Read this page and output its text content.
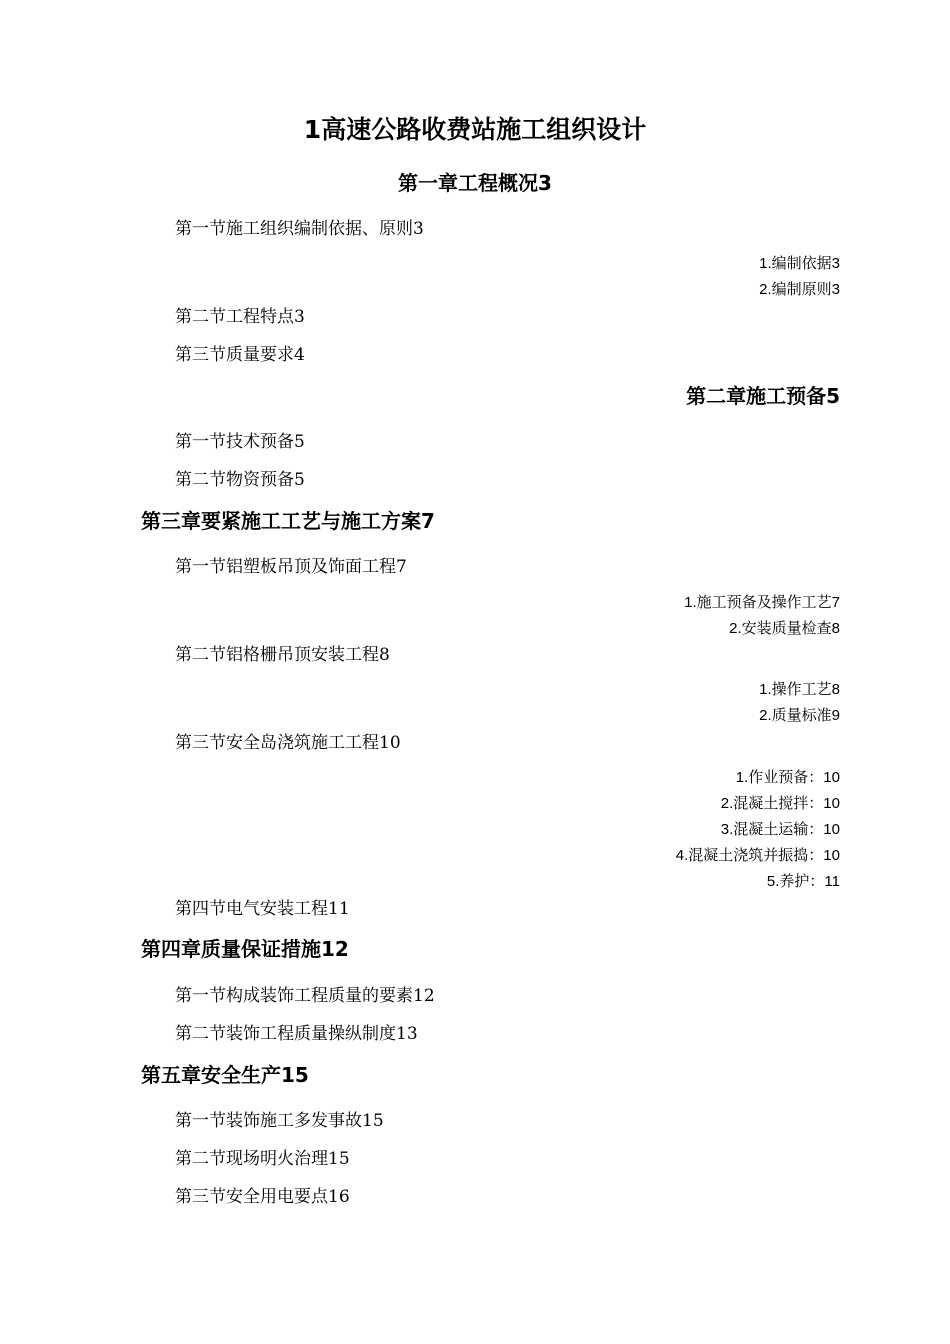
1高速公路收费站施工组织设计
第一章工程概况3
第一节施工组织编制依据、原则3
1.编制依据3
2.编制原则3
第二节工程特点3
第三节质量要求4
第二章施工预备5
第一节技术预备5
第二节物资预备5
第三章要紧施工工艺与施工方案7
第一节铝塑板吊顶及饰面工程7
1.施工预备及操作工艺7
2.安装质量检查8
第二节铝格栅吊顶安装工程8
1.操作工艺8
2.质量标准9
第三节安全岛浇筑施工工程10
1.作业预备：10
2.混凝土搅拌：10
3.混凝土运输：10
4.混凝土浇筑并振捣：10
5.养护：11
第四节电气安装工程11
第四章质量保证措施12
第一节构成装饰工程质量的要素12
第二节装饰工程质量操纵制度13
第五章安全生产15
第一节装饰施工多发事故15
第二节现场明火治理15
第三节安全用电要点16
